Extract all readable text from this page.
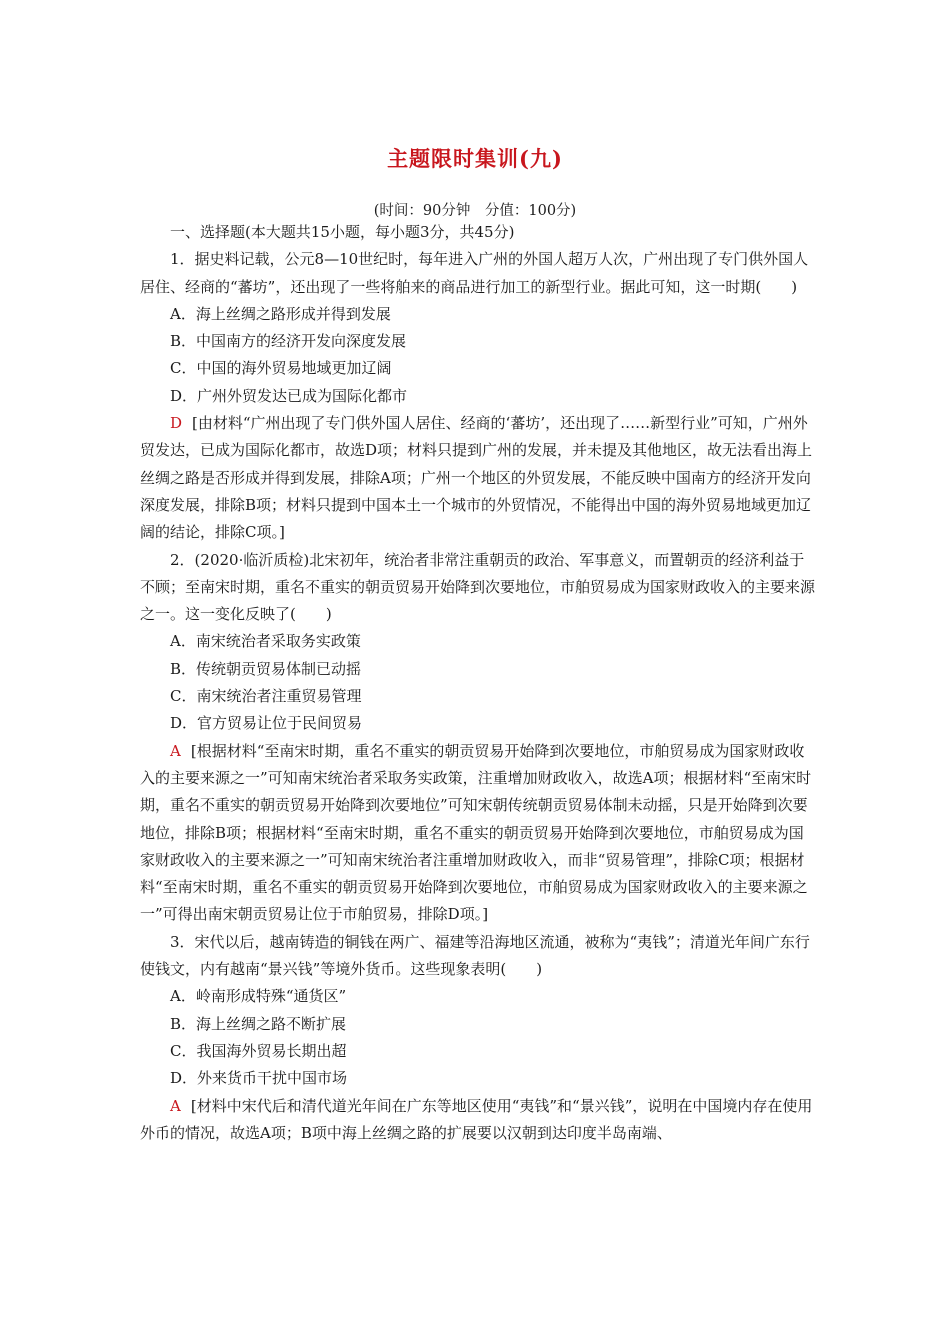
主题限时集训(九)
(时间：90分钟　分值：100分)

一、选择题(本大题共15小题，每小题3分，共45分)

1．据史料记载，公元8—10世纪时，每年进入广州的外国人超万人次，广州出现了专门供外国人居住、经商的“蕃坊”，还出现了一些将舶来的商品进行加工的新型行业。据此可知，这一时期(　　)

A．海上丝绸之路形成并得到发展

B．中国南方的经济开发向深度发展

C．中国的海外贸易地域更加辽阔

D．广州外贸发达已成为国际化都市

D [由材料“广州出现了专门供外国人居住、经商的‘蕃坊’，还出现了……新型行业”可知，广州外贸发达，已成为国际化都市，故选D项；材料只提到广州的发展，并未提及其他地区，故无法看出海上丝绸之路是否形成并得到发展，排除A项；广州一个地区的外贸发展，不能反映中国南方的经济开发向深度发展，排除B项；材料只提到中国本土一个城市的外贸情况，不能得出中国的海外贸易地域更加辽阔的结论，排除C项。]

2．(2020·临沂质检)北宋初年，统治者非常注重朝贡的政治、军事意义，而置朝贡的经济利益于不顾；至南宋时期，重名不重实的朝贡贸易开始降到次要地位，市舶贸易成为国家财政收入的主要来源之一。这一变化反映了(　　)

A．南宋统治者采取务实政策

B．传统朝贡贸易体制已动摇

C．南宋统治者注重贸易管理

D．官方贸易让位于民间贸易

A [根据材料“至南宋时期，重名不重实的朝贡贸易开始降到次要地位，市舶贸易成为国家财政收入的主要来源之一”可知南宋统治者采取务实政策，注重增加财政收入，故选A项；根据材料“至南宋时期，重名不重实的朝贡贸易开始降到次要地位”可知宋朝传统朝贡贸易体制未动摇，只是开始降到次要地位，排除B项；根据材料“至南宋时期，重名不重实的朝贡贸易开始降到次要地位，市舶贸易成为国家财政收入的主要来源之一”可知南宋统治者注重增加财政收入，而非“贸易管理”，排除C项；根据材料“至南宋时期，重名不重实的朝贡贸易开始降到次要地位，市舶贸易成为国家财政收入的主要来源之一”可得出南宋朝贡贸易让位于市舶贸易，排除D项。]

3．宋代以后，越南铸造的铜钱在两广、福建等沿海地区流通，被称为“夷钱”；清道光年间广东行使钱文，内有越南“景兴钱”等境外货币。这些现象表明(　　)

A．岭南形成特殊“通货区”

B．海上丝绸之路不断扩展

C．我国海外贸易长期出超

D．外来货币干扰中国市场

A [材料中宋代后和清代道光年间在广东等地区使用“夷钱”和“景兴钱”，说明在中国境内存在使用外币的情况，故选A项；B项中海上丝绸之路的扩展要以汉朝到达印度半岛南端、
